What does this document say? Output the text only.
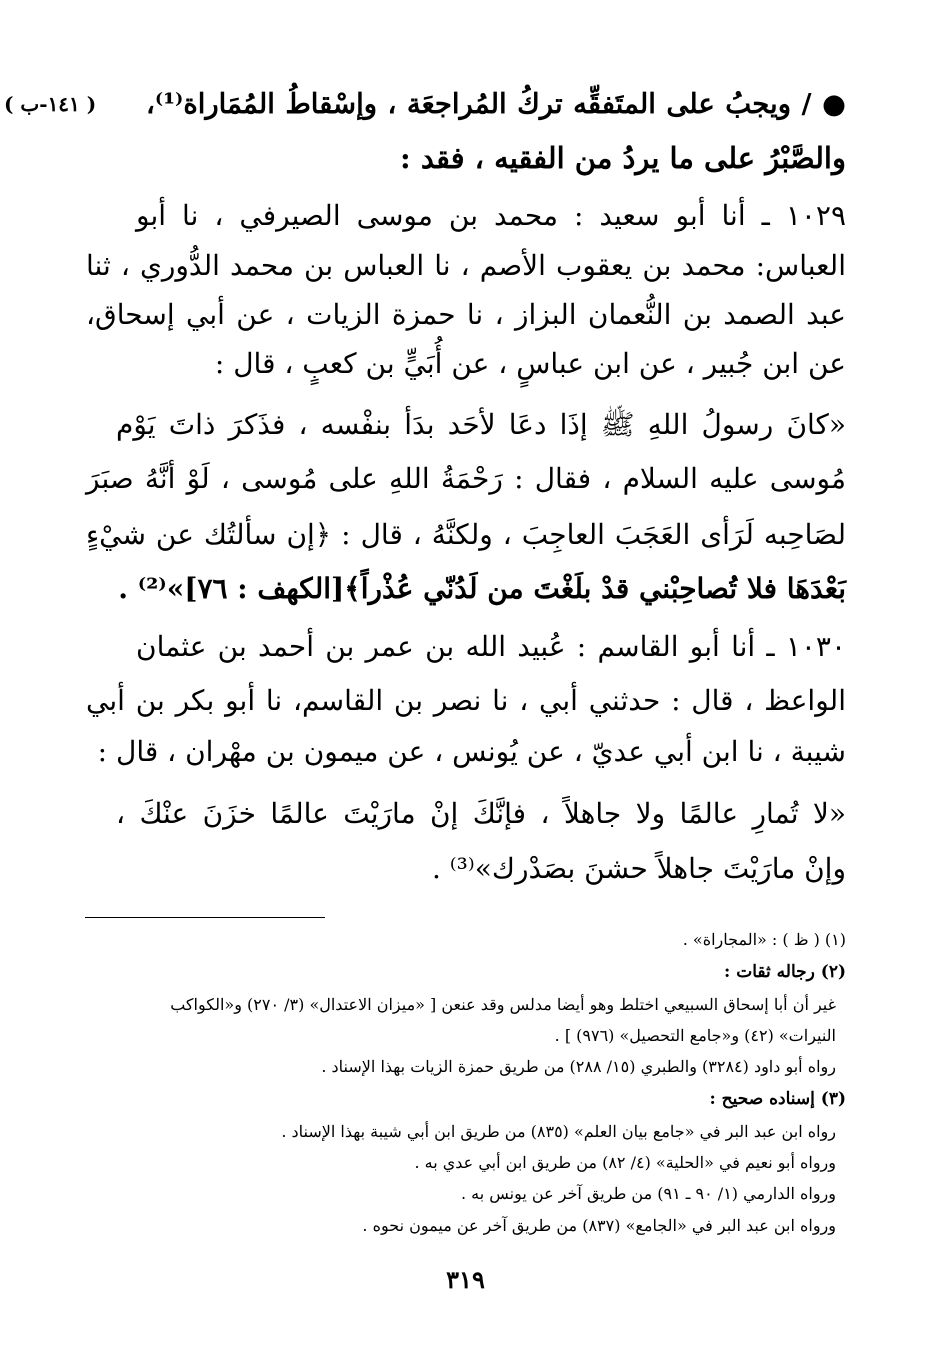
( ١٤١-ب ) ● / ويجبُ على المتَفقِّه تركُ المُراجعَة ، وإسْقاطُ المُمَاراة⁽¹⁾،
والصَّبْرُ على ما يردُ من الفقيه ، فقد :
١٠٢٩ ـ أنا أبو سعيد : محمد بن موسى الصيرفي ، نا أبو
العباس: محمد بن يعقوب الأصم ، نا العباس بن محمد الدُّوري ، ثنا
عبد الصمد بن النُّعمان البزاز ، نا حمزة الزيات ، عن أبي إسحاق،
عن ابن جُبير ، عن ابن عباسٍ ، عن أُبَيٍّ بن كعبٍ ، قال :
«كانَ رسولُ اللهِ ﷺ إذَا دعَا لأحَد بدَأ بنفْسه ، فذَكرَ ذاتَ يَوْم
مُوسى عليه السلام ، فقال : رَحْمَةُ اللهِ على مُوسى ، لَوْ أنَّهُ صبَرَ
لصَاحِبه لَرَأى العَجَبَ العاجِبَ ، ولكنَّهُ ، قال : ﴿إن سألتُك عن شيْءٍ
بَعْدَهَا فلا تُصاحِبْني قدْ بلَغْتَ من لَدُنّي عُذْراً﴾[الكهف : ٧٦]»⁽²⁾ .
١٠٣٠ ـ أنا أبو القاسم : عُبيد الله بن عمر بن أحمد بن عثمان
الواعظ ، قال : حدثني أبي ، نا نصر بن القاسم، نا أبو بكر بن أبي
شيبة ، نا ابن أبي عديّ ، عن يُونس ، عن ميمون بن مهْران ، قال :
«لا تُمارِ عالمًا ولا جاهلاً ، فإنَّكَ إنْ مارَيْتَ عالمًا خزَنَ عنْكَ ،
وإنْ مارَيْتَ جاهلاً حشنَ بصَدْرك»⁽³⁾ .
(١) ( ظ ) : «المجاراة» .
(٢) رجاله ثقات :
غير أن أبا إسحاق السبيعي اختلط وهو أيضا مدلس وقد عنعن [ «ميزان الاعتدال» (٣/ ٢٧٠) و«الكواكب
النيرات» (٤٢) و«جامع التحصيل» (٩٧٦) ] .
رواه أبو داود (٣٢٨٤) والطبري (١٥/ ٢٨٨) من طريق حمزة الزيات بهذا الإسناد .
(٣) إسناده صحيح :
رواه ابن عبد البر في «جامع بيان العلم» (٨٣٥) من طريق ابن أبي شيبة بهذا الإسناد .
ورواه أبو نعيم في «الحلية» (٤/ ٨٢) من طريق ابن أبي عدي به .
ورواه الدارمي (١/ ٩٠ ـ ٩١) من طريق آخر عن يونس به .
ورواه ابن عبد البر في «الجامع» (٨٣٧) من طريق آخر عن ميمون نحوه .
٣١٩
